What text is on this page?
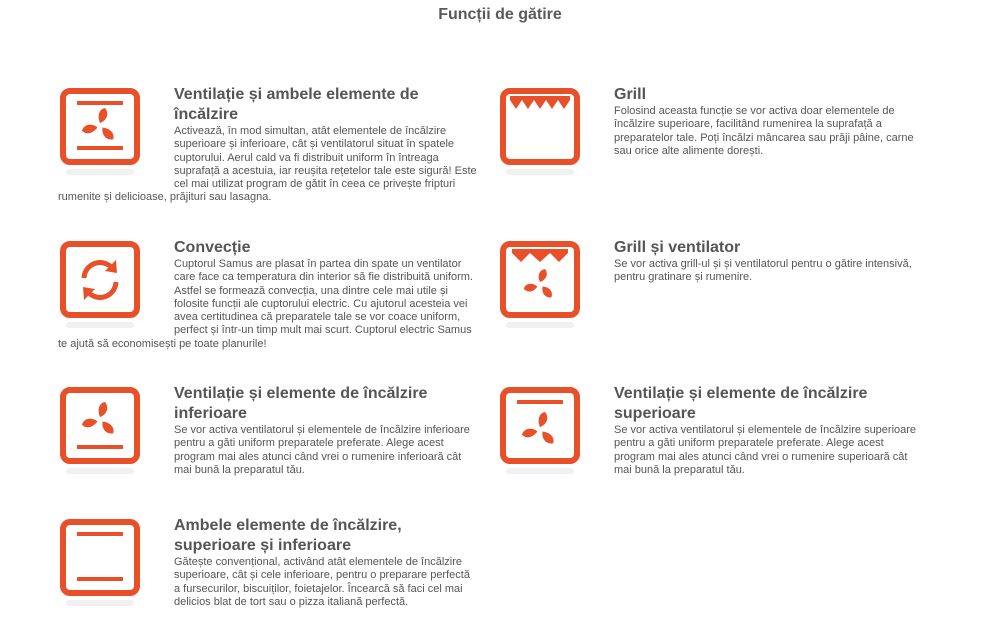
Funcții de gătire
Ventilație și ambele elemente de încălzire

Activează, în mod simultan, atât elementele de încălzire superioare și inferioare, cât și ventilatorul situat în spatele cuptorului. Aerul cald va fi distribuit uniform în întreaga suprafață a acestuia, iar reușita rețetelor tale este sigură! Este cel mai utilizat program de gătit în ceea ce privește fripturi rumenite și delicioase, prăjituri sau lasagna.

Grill

Folosind aceasta funcție se vor activa doar elementele de încălzire superioare, facilitând rumenirea la suprafață a preparatelor tale. Poți încălzi mâncarea sau prăji pâine, carne sau orice alte alimente dorești.

Convecție

Cuptorul Samus are plasat în partea din spate un ventilator care face ca temperatura din interior să fie distribuită uniform. Astfel se formează convecția, una dintre cele mai utile și folosite funcții ale cuptorului electric. Cu ajutorul acesteia vei avea certitudinea că preparatele tale se vor coace uniform, perfect și într-un timp mult mai scurt. Cuptorul electric Samus te ajută să economisești pe toate planurile!

Grill și ventilator

Se vor activa grill-ul și și ventilatorul pentru o gătire intensivă, pentru gratinare și rumenire.

Ventilație și elemente de încălzire inferioare

Se vor activa ventilatorul și elementele de încălzire inferioare pentru a găti uniform preparatele preferate. Alege acest program mai ales atunci când vrei o rumenire inferioară cât mai bună la preparatul tău.

Ventilație și elemente de încălzire superioare

Se vor activa ventilatorul și elementele de încălzire superioare pentru a găti uniform preparatele preferate. Alege acest program mai ales atunci când vrei o rumenire superioară cât mai bună la preparatul tău.

Ambele elemente de încălzire, superioare și inferioare

Gătește convențional, activând atât elementele de încălzire superioare, cât și cele inferioare, pentru o preparare perfectă a fursecurilor, biscuiților, foietajelor. Încearcă să faci cel mai delicios blat de tort sau o pizza italiană perfectă.
